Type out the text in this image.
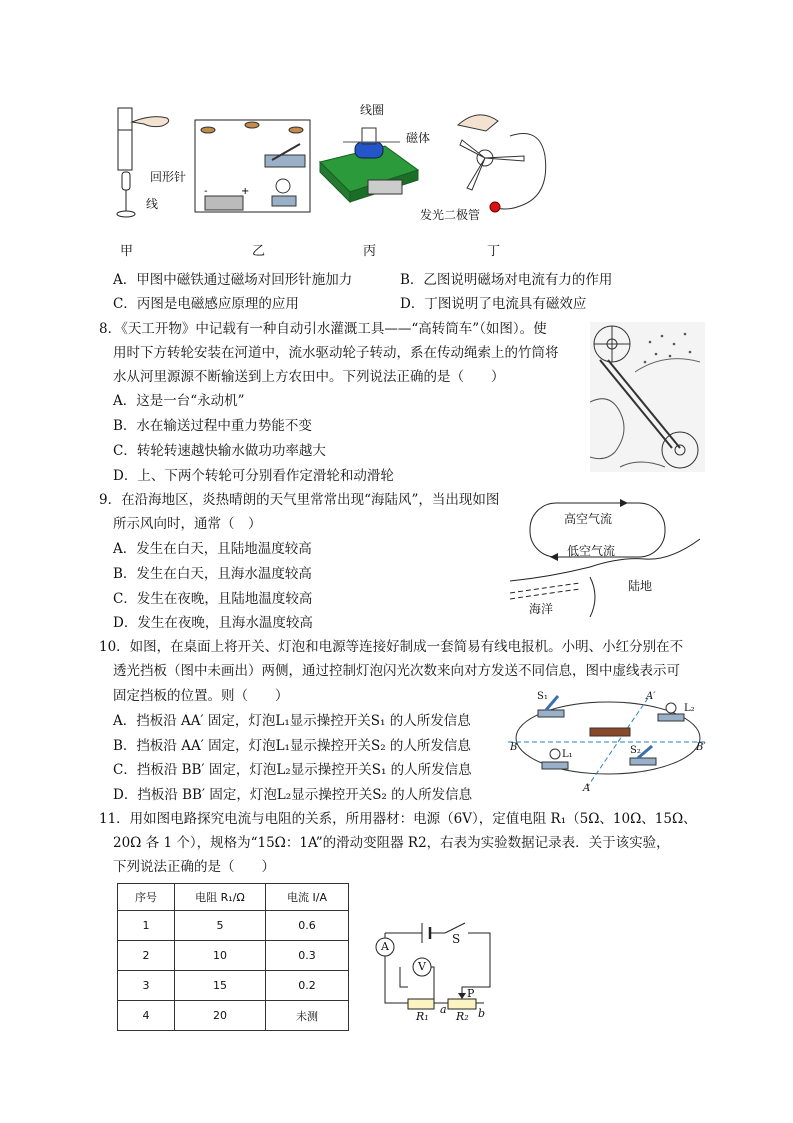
-	+
线圈
磁体
回形针
线
发光二极管
甲	乙	丙	丁
A．甲图中磁铁通过磁场对回形针施加力	B．乙图说明磁场对电流有力的作用
C．丙图是电磁感应原理的应用	D．丁图说明了电流具有磁效应
8．《天工开物》中记载有一种自动引水灌溉工具——“高转筒车”（如图）。使
用时下方转轮安装在河道中，流水驱动轮子转动，系在传动绳索上的竹筒将
水从河里源源不断输送到上方农田中。下列说法正确的是（　　）
A．这是一台“永动机”
B．水在输送过程中重力势能不变
C．转轮转速越快输水做功功率越大
D．上、下两个转轮可分别看作定滑轮和动滑轮
9．在沿海地区，炎热晴朗的天气里常常出现“海陆风”，当出现如图
所示风向时，通常（　）
A．发生在白天，且陆地温度较高
B．发生在白天，且海水温度较高
C．发生在夜晚，且陆地温度较高
D．发生在夜晚，且海水温度较高
高空气流
低空气流
陆地
海洋
10．如图，在桌面上将开关、灯泡和电源等连接好制成一套简易有线电报机。小明、小红分别在不
透光挡板（图中未画出）两侧，通过控制灯泡闪光次数来向对方发送不同信息，图中虚线表示可
固定挡板的位置。则（　　）
A．挡板沿 AA′ 固定，灯泡L₁显示操控开关S₁ 的人所发信息
B．挡板沿 AA′ 固定，灯泡L₁显示操控开关S₂ 的人所发信息
C．挡板沿 BB′ 固定，灯泡L₂显示操控开关S₁ 的人所发信息
D．挡板沿 BB′ 固定，灯泡L₂显示操控开关S₂ 的人所发信息
S₁
L₂
L₁	S₂
A′
A
B	B′
11．用如图电路探究电流与电阻的关系，所用器材：电源（6V），定值电阻 R₁（5Ω、10Ω、15Ω、
20Ω 各 1 个），规格为“15Ω：1A”的滑动变阻器 R2，右表为实验数据记录表．关于该实验，
下列说法正确的是（　　）
序号	电阻 R₁/Ω	电流 I/A
1	5	0.6
2	10	0.3
3	15	0.2
4	20	未测
A
V
S
P
R₁ R₂
a	b
